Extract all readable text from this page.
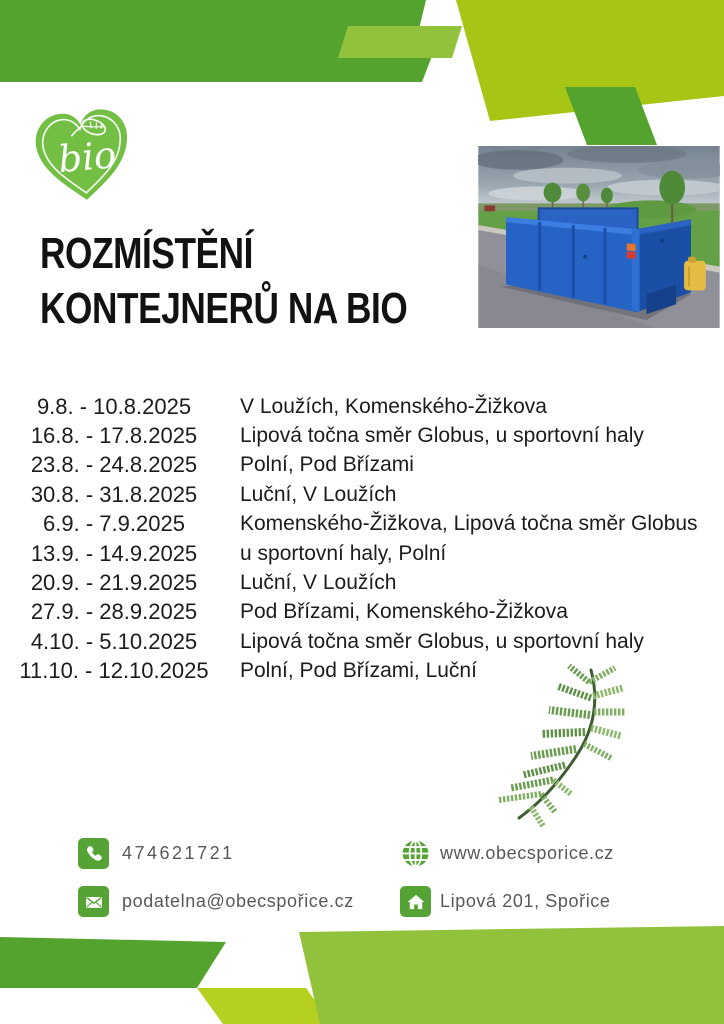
bio
ROZMÍSTĚNÍ
KONTEJNERŮ NA BIO
9.8. - 10.8.2025	V Loužích, Komenského-Žižkova
16.8. - 17.8.2025	Lipová točna směr Globus, u sportovní haly
23.8. - 24.8.2025	Polní, Pod Břízami
30.8. - 31.8.2025	Luční, V Loužích
6.9. - 7.9.2025	Komenského-Žižkova, Lipová točna směr Globus
13.9. - 14.9.2025	u sportovní haly, Polní
20.9. - 21.9.2025	Luční, V Loužích
27.9. - 28.9.2025	Pod Břízami, Komenského-Žižkova
4.10. - 5.10.2025	Lipová točna směr Globus, u sportovní haly
11.10. - 12.10.2025	Polní, Pod Břízami, Luční
474621721
podatelna@obecspořice.cz
www.obecsporice.cz
Lipová 201, Spořice
